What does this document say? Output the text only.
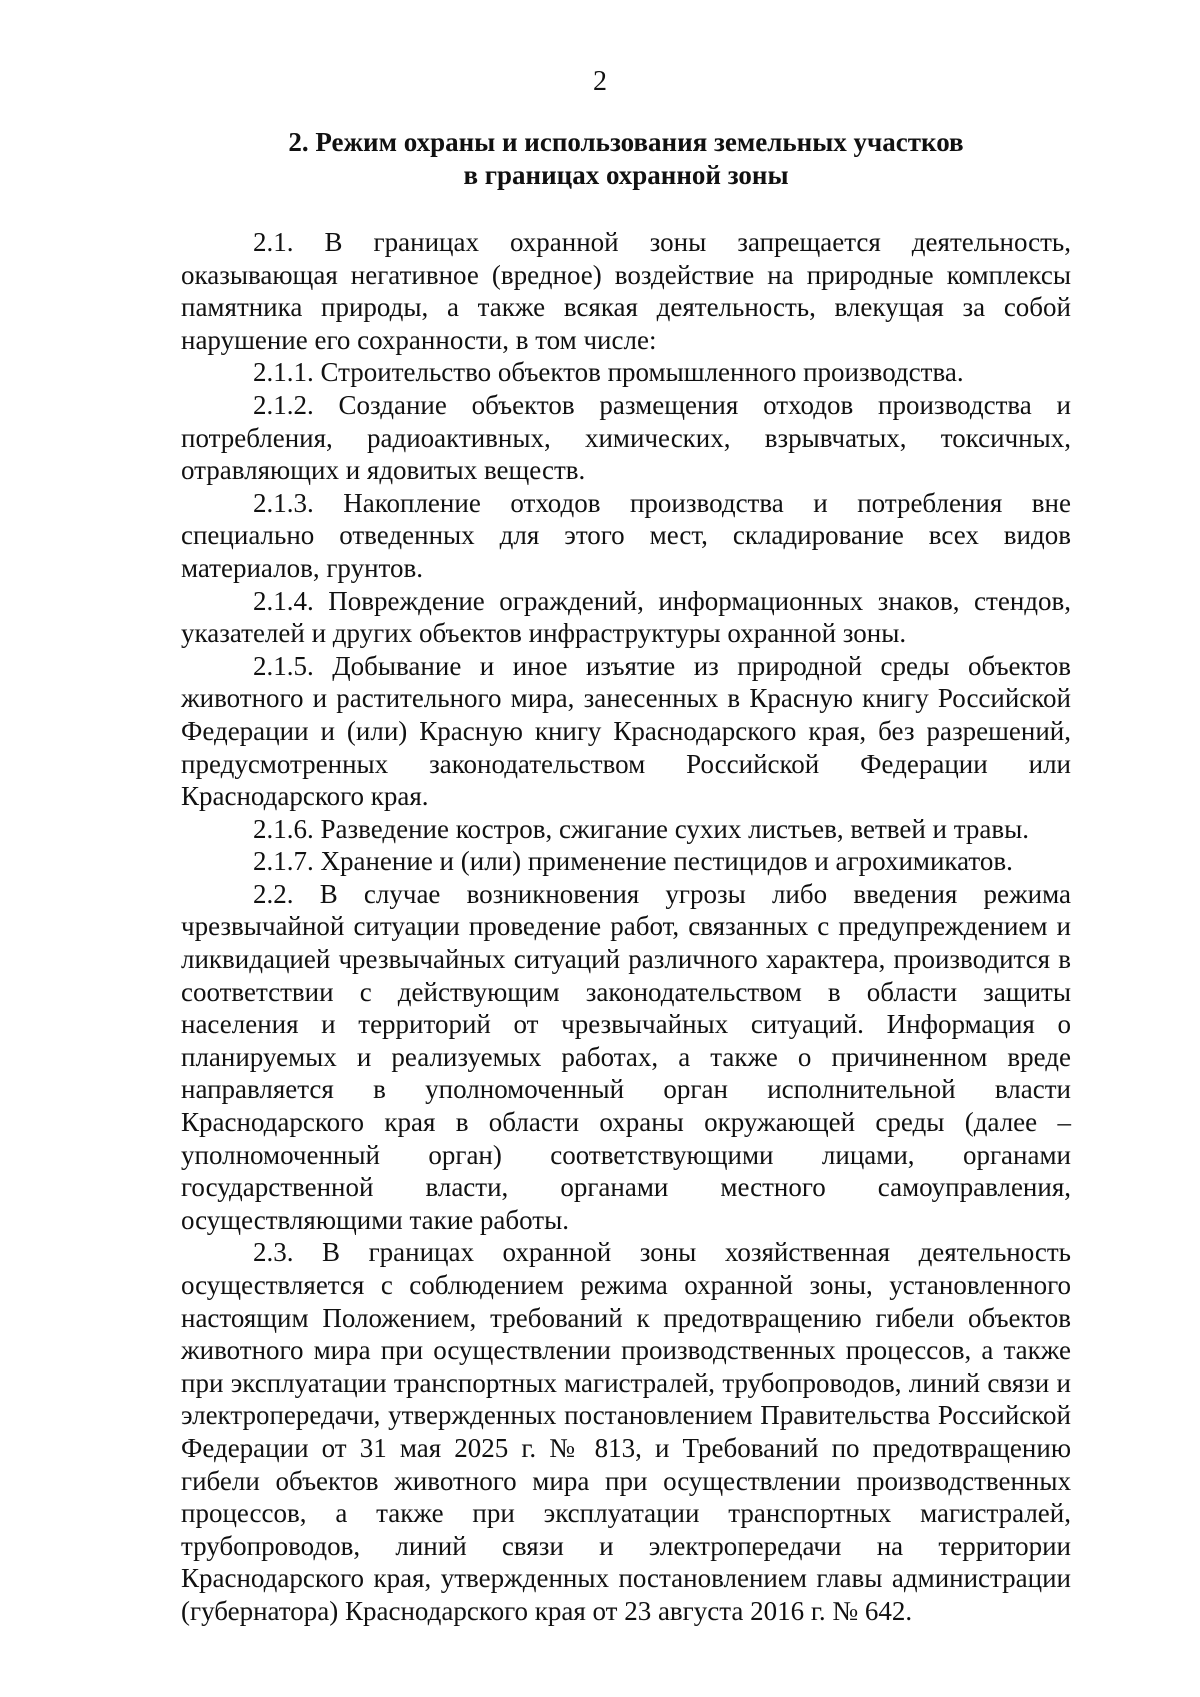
2
2. Режим охраны и использования земельных участков
в границах охранной зоны

2.1. В границах охранной зоны запрещается деятельность, оказывающая негативное (вредное) воздействие на природные комплексы памятника природы, а также всякая деятельность, влекущая за собой нарушение его сохранности, в том числе:

2.1.1. Строительство объектов промышленного производства.

2.1.2. Создание объектов размещения отходов производства и потребления, радиоактивных, химических, взрывчатых, токсичных, отравляющих и ядовитых веществ.

2.1.3. Накопление отходов производства и потребления вне специально отведенных для этого мест, складирование всех видов материалов, грунтов.

2.1.4. Повреждение ограждений, информационных знаков, стендов, указателей и других объектов инфраструктуры охранной зоны.

2.1.5. Добывание и иное изъятие из природной среды объектов животного и растительного мира, занесенных в Красную книгу Российской Федерации и (или) Красную книгу Краснодарского края, без разрешений, предусмотренных законодательством Российской Федерации или Краснодарского края.

2.1.6. Разведение костров, сжигание сухих листьев, ветвей и травы.

2.1.7. Хранение и (или) применение пестицидов и агрохимикатов.

2.2. В случае возникновения угрозы либо введения режима чрезвычайной ситуации проведение работ, связанных с предупреждением и ликвидацией чрезвычайных ситуаций различного характера, производится в соответствии с действующим законодательством в области защиты населения и территорий от чрезвычайных ситуаций. Информация о планируемых и реализуемых работах, а также о причиненном вреде направляется в уполномоченный орган исполнительной власти Краснодарского края в области охраны окружающей среды (далее – уполномоченный орган) соответствующими лицами, органами государственной власти, органами местного самоуправления, осуществляющими такие работы.

2.3. В границах охранной зоны хозяйственная деятельность осуществляется с соблюдением режима охранной зоны, установленного настоящим Положением, требований к предотвращению гибели объектов животного мира при осуществлении производственных процессов, а также при эксплуатации транспортных магистралей, трубопроводов, линий связи и электропередачи, утвержденных постановлением Правительства Российской Федерации от 31 мая 2025 г. № 813, и Требований по предотвращению гибели объектов животного мира при осуществлении производственных процессов, а также при эксплуатации транспортных магистралей, трубопроводов, линий связи и электропередачи на территории Краснодарского края, утвержденных постановлением главы администрации (губернатора) Краснодарского края от 23 августа 2016 г. № 642.
